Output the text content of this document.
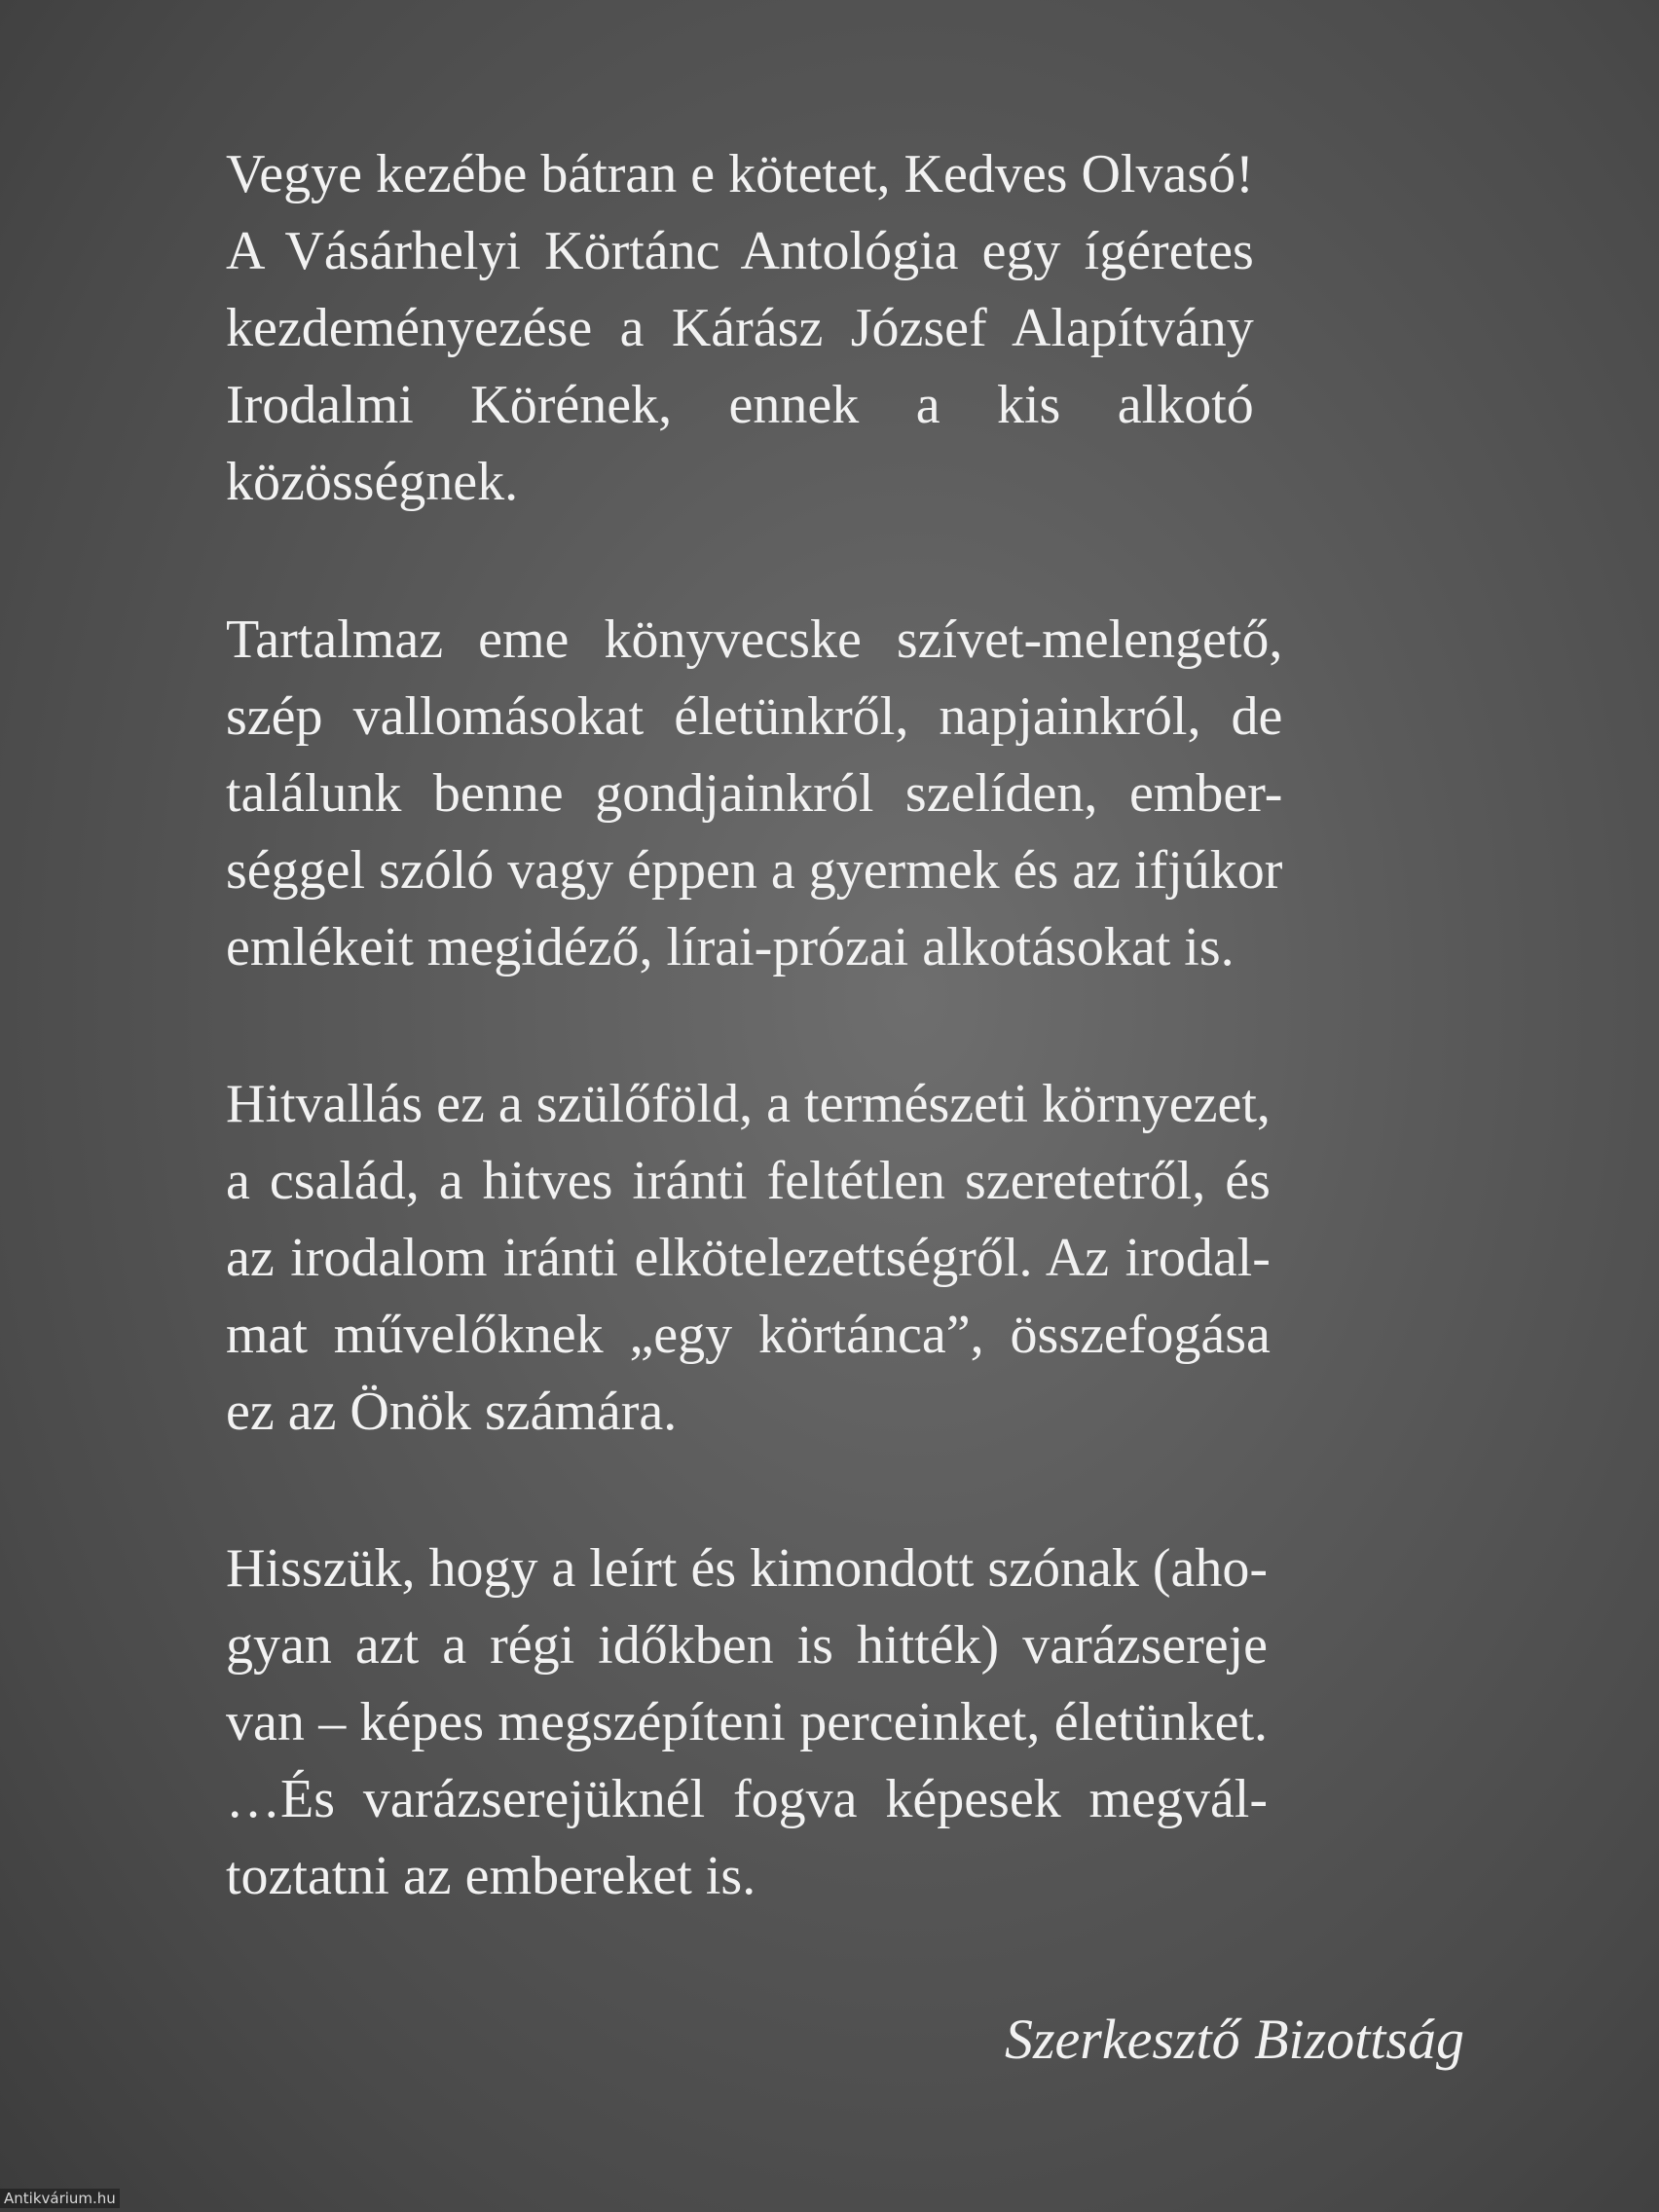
Vegye kezébe bátran e kötetet, Kedves Olvasó!
A Vásárhelyi Körtánc Antológia egy ígéretes
kezdeményezése a Kárász József Alapítvány
Irodalmi Körének, ennek a kis alkotó
közösségnek.

Tartalmaz eme könyvecske szívet-melengető,
szép vallomásokat életünkről, napjainkról, de
találunk benne gondjainkról szelíden, ember-
séggel szóló vagy éppen a gyermek és az ifjúkor
emlékeit megidéző, lírai-prózai alkotásokat is.

Hitvallás ez a szülőföld, a természeti környezet,
a család, a hitves iránti feltétlen szeretetről, és
az irodalom iránti elkötelezettségről. Az irodal-
mat művelőknek „egy körtánca”, összefogása
ez az Önök számára.

Hisszük, hogy a leírt és kimondott szónak (aho-
gyan azt a régi időkben is hitték) varázsereje
van – képes megszépíteni perceinket, életünket.
…És varázserejüknél fogva képesek megvál-
toztatni az embereket is.

Szerkesztő Bizottság
Antikvárium.hu
